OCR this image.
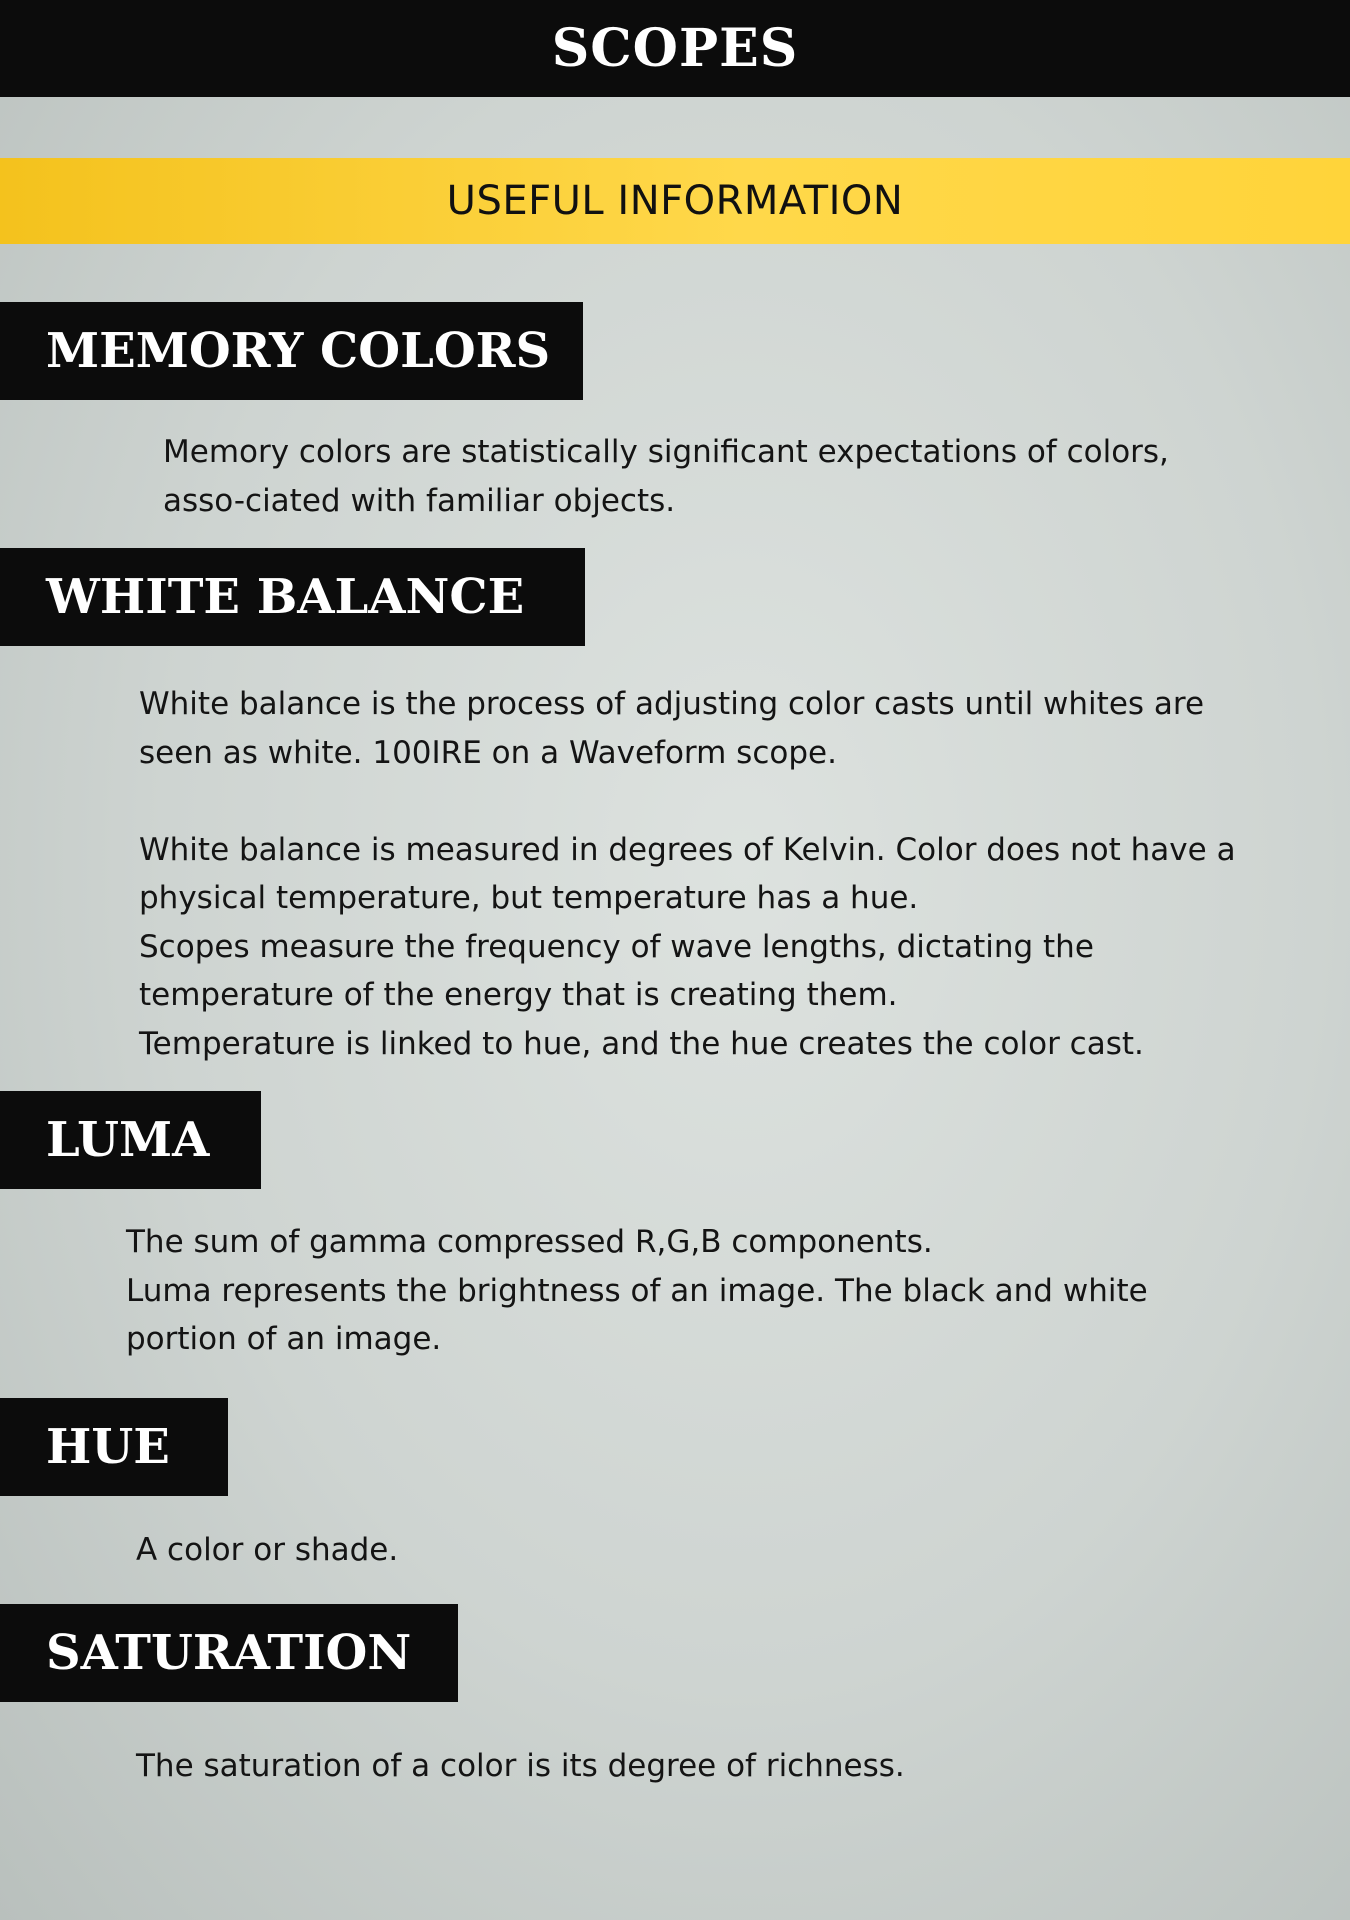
SCOPES
USEFUL INFORMATION
MEMORY COLORS

Memory colors are statistically significant expectations of colors, asso-ciated with familiar objects.

WHITE BALANCE

White balance is the process of adjusting color casts until whites are seen as white. 100IRE on a Waveform scope.

White balance is measured in degrees of Kelvin. Color does not have a physical temperature, but temperature has a hue.

Scopes measure the frequency of wave lengths, dictating the temperature of the energy that is creating them.

Temperature is linked to hue, and the hue creates the color cast.

LUMA

The sum of gamma compressed R,G,B components.

Luma represents the brightness of an image. The black and white portion of an image.

HUE

A color or shade.

SATURATION

The saturation of a color is its degree of richness.
